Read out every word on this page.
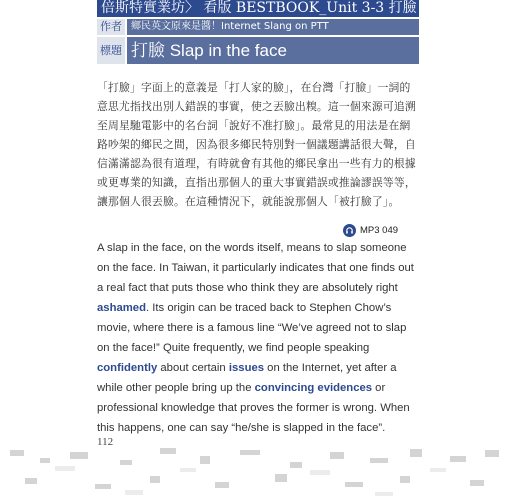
倍斯特實業坊〉 看版 BESTBOOK_Unit 3-3 打臉
作者 鄉民英文原來是醬！Internet Slang on PTT
標題 打臉 Slap in the face

「打臉」字面上的意義是「打人家的臉」，在台灣「打臉」一詞的意思尤指找出別人錯誤的事實，使之丟臉出糗。這一個來源可追溯至周星馳電影中的名台詞「說好不准打臉」。最常見的用法是在網路吵架的鄉民之間，因為很多鄉民特別對一個議題講話很大聲，自信滿滿認為很有道理，有時就會有其他的鄉民拿出一些有力的根據或更專業的知識，直指出那個人的重大事實錯誤或推論謬誤等等，讓那個人很丟臉。在這種情況下，就能說那個人「被打臉了」。

MP3 049

A slap in the face, on the words itself, means to slap someone on the face. In Taiwan, it particularly indicates that one finds out a real fact that puts those who think they are absolutely right ashamed. Its origin can be traced back to Stephen Chow’s movie, where there is a famous line “We’ve agreed not to slap on the face!” Quite frequently, we find people speaking confidently about certain issues on the Internet, yet after a while other people bring up the convincing evidences or professional knowledge that proves the former is wrong. When this happens, one can say “he/she is slapped in the face”.

112
